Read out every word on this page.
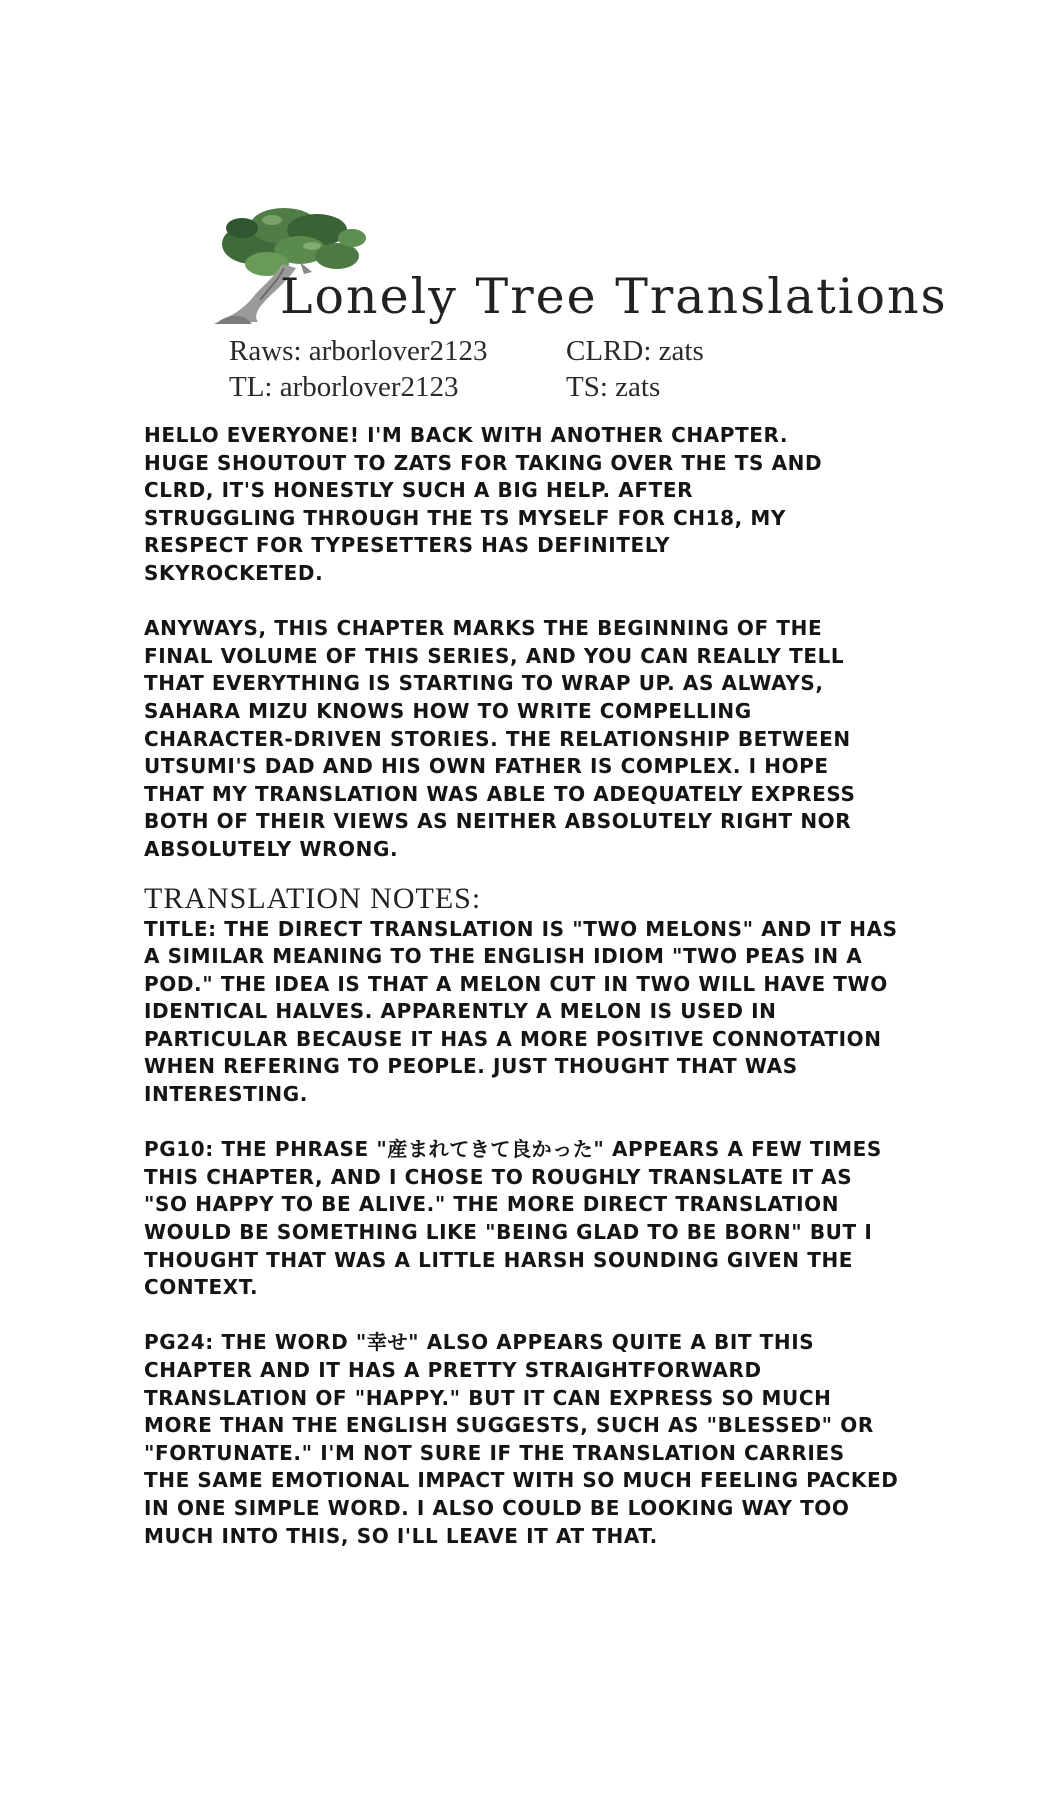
Lonely Tree Translations
Raws: arborlover2123
TL: arborlover2123
CLRD: zats
TS: zats

HELLO EVERYONE! I'M BACK WITH ANOTHER CHAPTER.
HUGE SHOUTOUT TO ZATS FOR TAKING OVER THE TS AND
CLRD, IT'S HONESTLY SUCH A BIG HELP. AFTER
STRUGGLING THROUGH THE TS MYSELF FOR CH18, MY
RESPECT FOR TYPESETTERS HAS DEFINITELY
SKYROCKETED.

ANYWAYS, THIS CHAPTER MARKS THE BEGINNING OF THE
FINAL VOLUME OF THIS SERIES, AND YOU CAN REALLY TELL
THAT EVERYTHING IS STARTING TO WRAP UP. AS ALWAYS,
SAHARA MIZU KNOWS HOW TO WRITE COMPELLING
CHARACTER-DRIVEN STORIES. THE RELATIONSHIP BETWEEN
UTSUMI'S DAD AND HIS OWN FATHER IS COMPLEX. I HOPE
THAT MY TRANSLATION WAS ABLE TO ADEQUATELY EXPRESS
BOTH OF THEIR VIEWS AS NEITHER ABSOLUTELY RIGHT NOR
ABSOLUTELY WRONG.

TRANSLATION NOTES:

TITLE: THE DIRECT TRANSLATION IS "TWO MELONS" AND IT HAS
A SIMILAR MEANING TO THE ENGLISH IDIOM "TWO PEAS IN A
POD." THE IDEA IS THAT A MELON CUT IN TWO WILL HAVE TWO
IDENTICAL HALVES. APPARENTLY A MELON IS USED IN
PARTICULAR BECAUSE IT HAS A MORE POSITIVE CONNOTATION
WHEN REFERING TO PEOPLE. JUST THOUGHT THAT WAS
INTERESTING.

PG10: THE PHRASE "産まれてきて良かった" APPEARS A FEW TIMES
THIS CHAPTER, AND I CHOSE TO ROUGHLY TRANSLATE IT AS
"SO HAPPY TO BE ALIVE." THE MORE DIRECT TRANSLATION
WOULD BE SOMETHING LIKE "BEING GLAD TO BE BORN" BUT I
THOUGHT THAT WAS A LITTLE HARSH SOUNDING GIVEN THE
CONTEXT.

PG24: THE WORD "幸せ" ALSO APPEARS QUITE A BIT THIS
CHAPTER AND IT HAS A PRETTY STRAIGHTFORWARD
TRANSLATION OF "HAPPY." BUT IT CAN EXPRESS SO MUCH
MORE THAN THE ENGLISH SUGGESTS, SUCH AS "BLESSED" OR
"FORTUNATE." I'M NOT SURE IF THE TRANSLATION CARRIES
THE SAME EMOTIONAL IMPACT WITH SO MUCH FEELING PACKED
IN ONE SIMPLE WORD. I ALSO COULD BE LOOKING WAY TOO
MUCH INTO THIS, SO I'LL LEAVE IT AT THAT.
